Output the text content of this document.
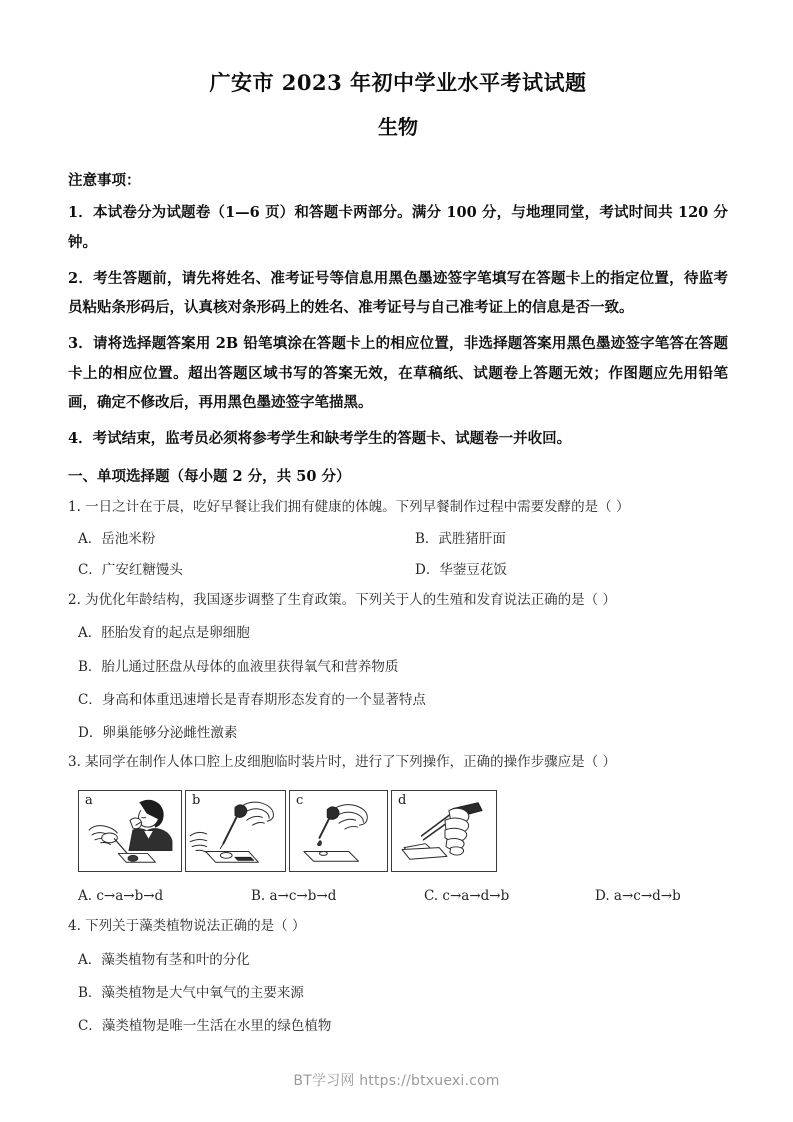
广安市 2023 年初中学业水平考试试题
生物

注意事项：

1．本试卷分为试题卷（1—6 页）和答题卡两部分。满分 100 分，与地理同堂，考试时间共 120 分钟。

2．考生答题前，请先将姓名、准考证号等信息用黑色墨迹签字笔填写在答题卡上的指定位置，待监考员粘贴条形码后，认真核对条形码上的姓名、准考证号与自己准考证上的信息是否一致。

3．请将选择题答案用 2B 铅笔填涂在答题卡上的相应位置，非选择题答案用黑色墨迹签字笔答在答题卡上的相应位置。超出答题区域书写的答案无效，在草稿纸、试题卷上答题无效；作图题应先用铅笔画，确定不修改后，再用黑色墨迹签字笔描黑。

4．考试结束，监考员必须将参考学生和缺考学生的答题卡、试题卷一并收回。

一、单项选择题（每小题 2 分，共 50 分）

1. 一日之计在于晨，吃好早餐让我们拥有健康的体魄。下列早餐制作过程中需要发酵的是（ ）

A．岳池米粉	B．武胜猪肝面
C．广安红糖馒头	D．华蓥豆花饭

2. 为优化年龄结构，我国逐步调整了生育政策。下列关于人的生殖和发育说法正确的是（ ）

A．胚胎发育的起点是卵细胞
B．胎儿通过胚盘从母体的血液里获得氧气和营养物质
C．身高和体重迅速增长是青春期形态发育的一个显著特点
D．卵巢能够分泌雌性激素

3. 某同学在制作人体口腔上皮细胞临时装片时，进行了下列操作，正确的操作步骤应是（ ）

a	b	c	d
A. c→a→b→d	B. a→c→b→d	C. c→a→d→b	D. a→c→d→b

4. 下列关于藻类植物说法正确的是（ ）

A．藻类植物有茎和叶的分化
B．藻类植物是大气中氧气的主要来源
C．藻类植物是唯一生活在水里的绿色植物
BT学习网 https://btxuexi.com
